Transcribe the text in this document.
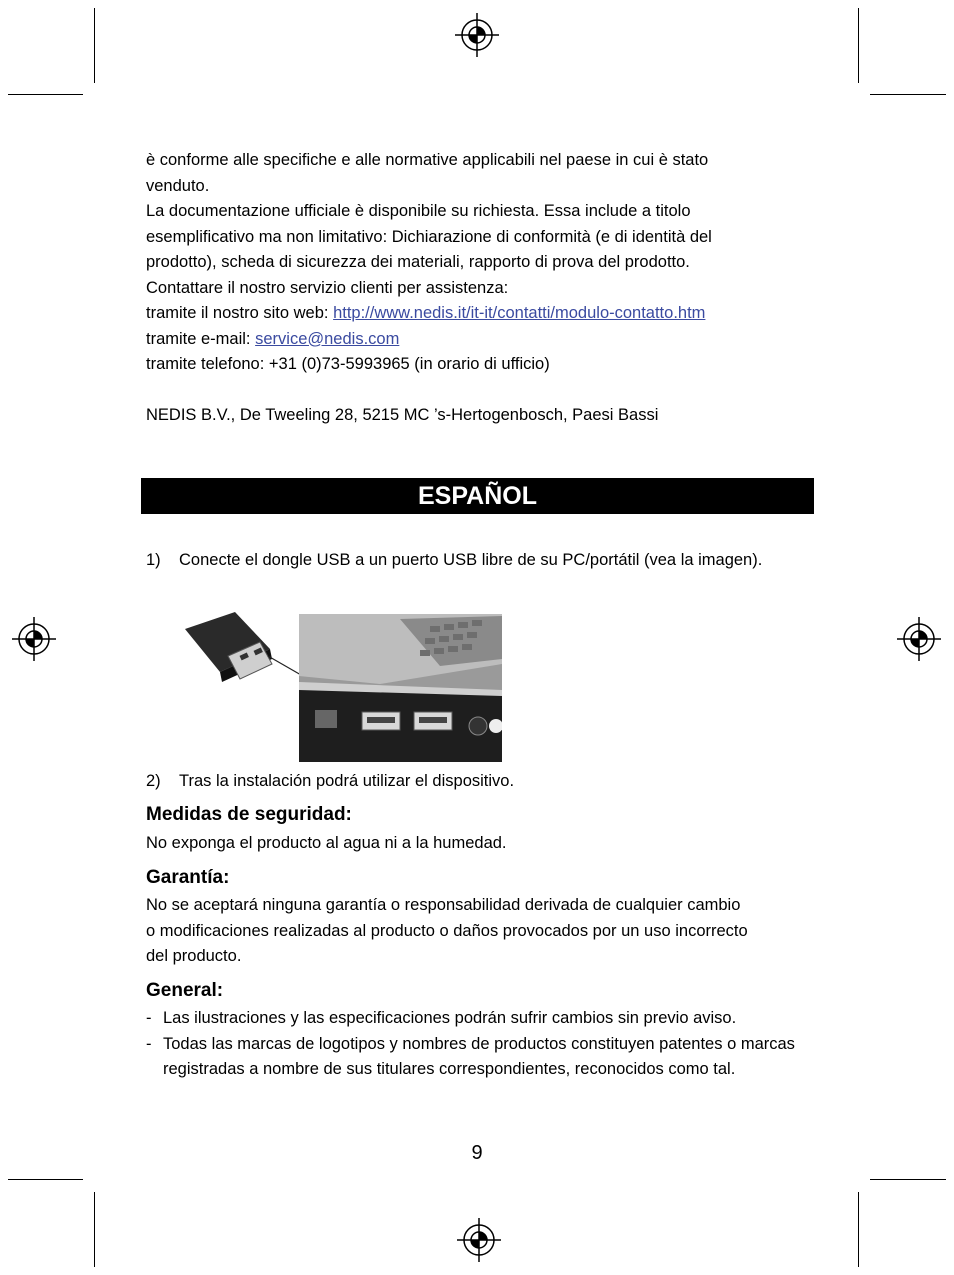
è conforme alle specifiche e alle normative applicabili nel paese in cui è stato

venduto.

La documentazione ufficiale è disponibile su richiesta. Essa include a titolo

esemplificativo ma non limitativo: Dichiarazione di conformità (e di identità del

prodotto), scheda di sicurezza dei materiali, rapporto di prova del prodotto.

Contattare il nostro servizio clienti per assistenza:

tramite il nostro sito web: http://www.nedis.it/it-it/contatti/modulo-contatto.htm

tramite e-mail: service@nedis.com

tramite telefono: +31 (0)73-5993965 (in orario di ufficio)

NEDIS B.V., De Tweeling 28, 5215 MC ’s-Hertogenbosch, Paesi Bassi

ESPAÑOL
1)	Conecte el dongle USB a un puerto USB libre de su PC/portátil (vea la imagen).
2)	Tras la instalación podrá utilizar el dispositivo.
Medidas de seguridad:

No exponga el producto al agua ni a la humedad.

Garantía:

No se aceptará ninguna garantía o responsabilidad derivada de cualquier cambio

o modificaciones realizadas al producto o daños provocados por un uso incorrecto

del producto.

General:
- Las ilustraciones y las especificaciones podrán sufrir cambios sin previo aviso.
- Todas las marcas de logotipos y nombres de productos constituyen patentes o marcas registradas a nombre de sus titulares correspondientes, reconocidos como tal.
9
